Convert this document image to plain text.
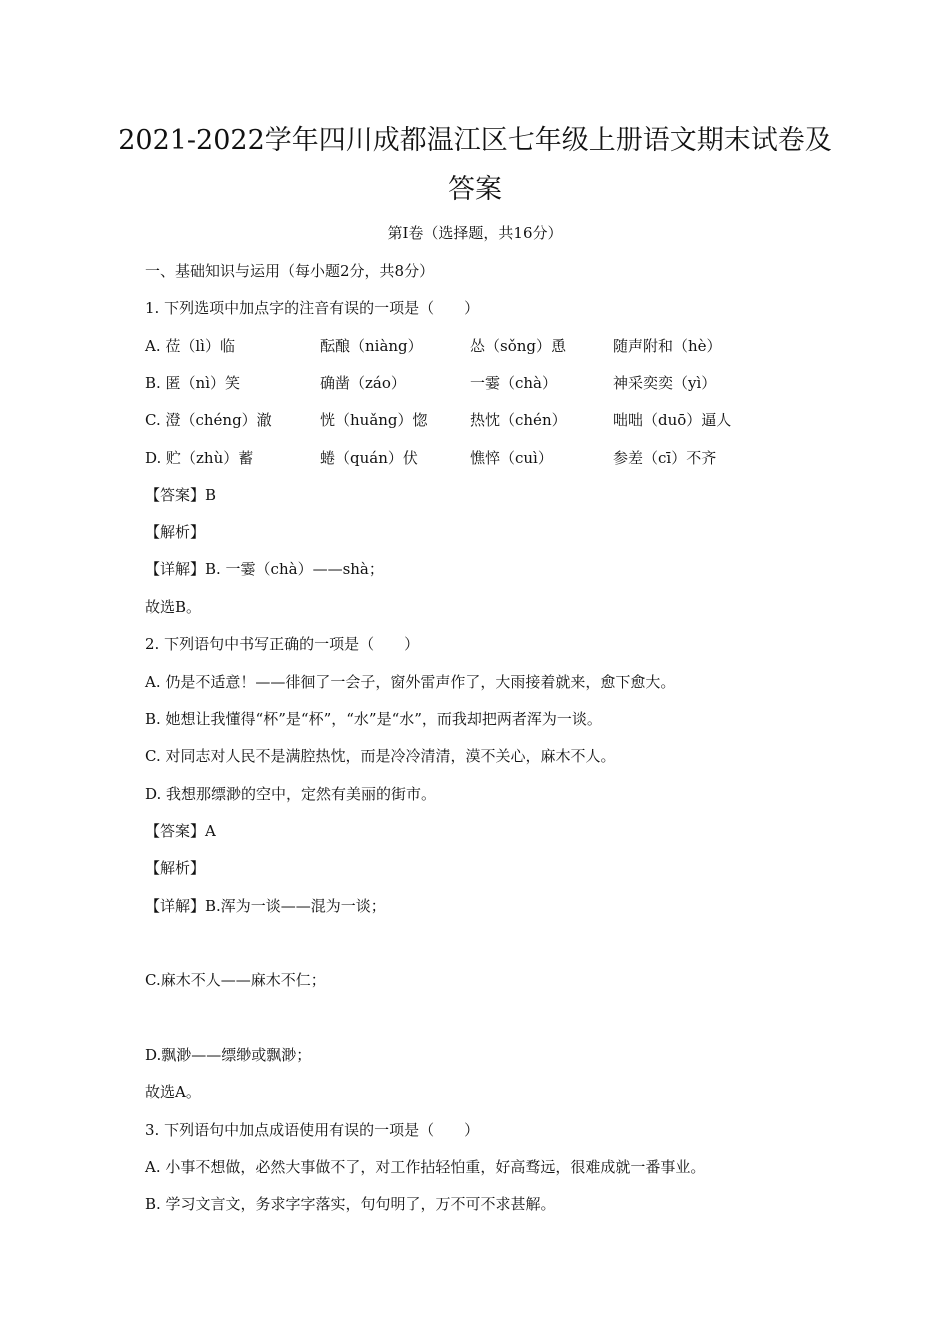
2021-2022学年四川成都温江区七年级上册语文期末试卷及
答案
第Ⅰ卷（选择题，共16分）
一、基础知识与运用（每小题2分，共8分）
1. 下列选项中加点字的注音有误的一项是（　　）
A. 莅（lì）临	酝酿（niàng）	怂（sǒng）恿	随声附和（hè）
B. 匿（nì）笑	确凿（záo）	一霎（chà）	神采奕奕（yì）
C. 澄（chéng）澈	恍（huǎng）惚	热忱（chén）	咄咄（duō）逼人
D. 贮（zhù）蓄	蜷（quán）伏	憔悴（cuì）	参差（cī）不齐
【答案】B
【解析】
【详解】B. 一霎（chà）——shà；
故选B。
2. 下列语句中书写正确的一项是（　　）
A. 仍是不适意！——徘徊了一会子，窗外雷声作了，大雨接着就来，愈下愈大。
B. 她想让我懂得“杯”是“杯”，“水”是“水”，而我却把两者浑为一谈。
C. 对同志对人民不是满腔热忱，而是冷冷清清，漠不关心，麻木不人。
D. 我想那缥渺的空中，定然有美丽的街市。
【答案】A
【解析】
【详解】B.浑为一谈——混为一谈；
C.麻木不人——麻木不仁；
D.飘渺——缥缈或飘渺；
故选A。
3. 下列语句中加点成语使用有误的一项是（　　）
A. 小事不想做，必然大事做不了，对工作拈轻怕重，好高骛远，很难成就一番事业。
B. 学习文言文，务求字字落实，句句明了，万不可不求甚解。
